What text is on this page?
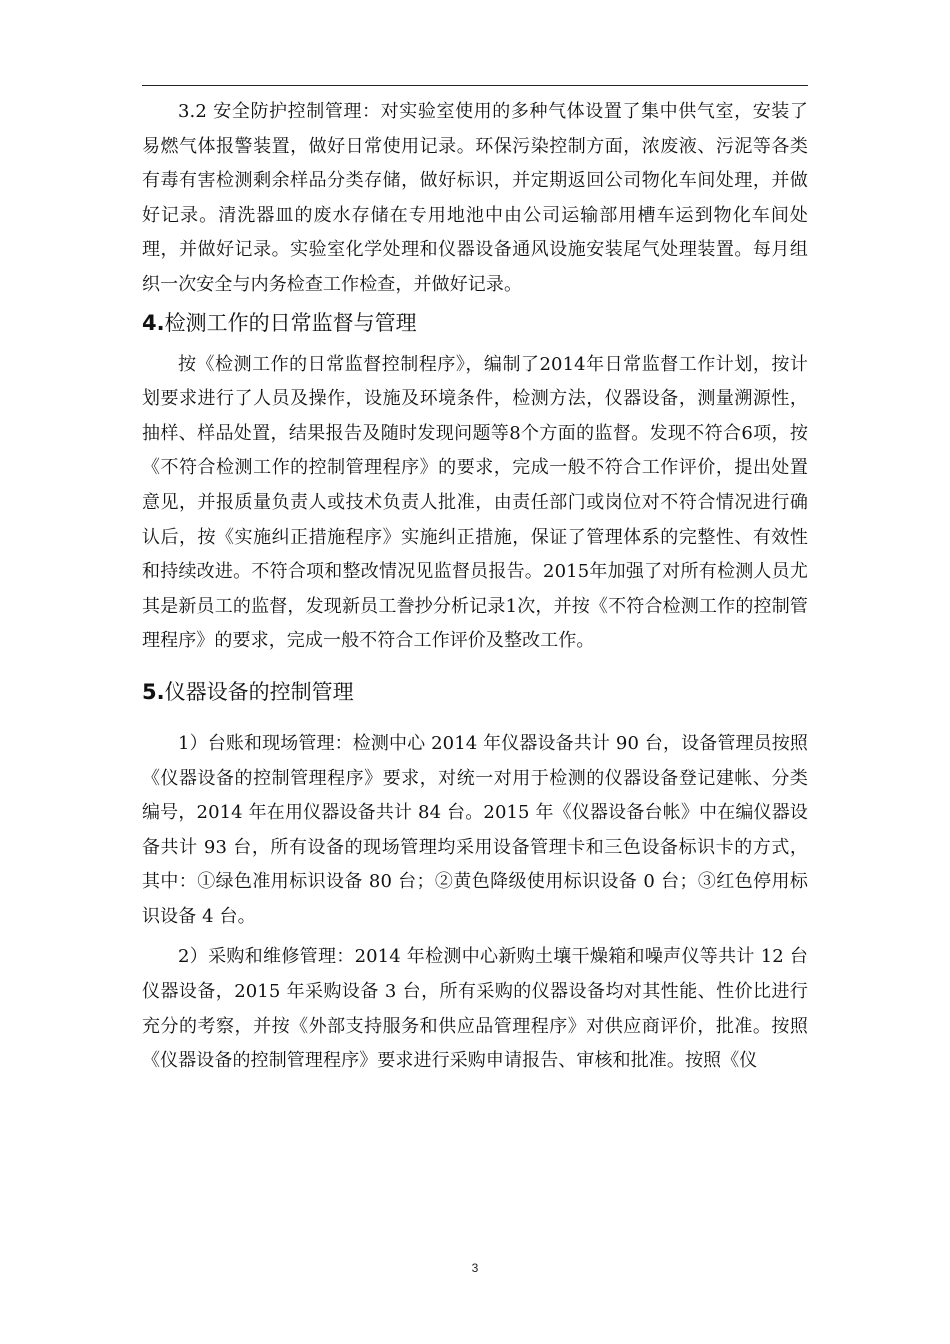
3.2 安全防护控制管理：对实验室使用的多种气体设置了集中供气室，安装了易燃气体报警装置，做好日常使用记录。环保污染控制方面，浓废液、污泥等各类有毒有害检测剩余样品分类存储，做好标识，并定期返回公司物化车间处理，并做好记录。清洗器皿的废水存储在专用地池中由公司运输部用槽车运到物化车间处理，并做好记录。实验室化学处理和仪器设备通风设施安装尾气处理装置。每月组织一次安全与内务检查工作检查，并做好记录。

4.检测工作的日常监督与管理

按《检测工作的日常监督控制程序》，编制了2014年日常监督工作计划，按计划要求进行了人员及操作，设施及环境条件，检测方法，仪器设备，测量溯源性，抽样、样品处置，结果报告及随时发现问题等8个方面的监督。发现不符合6项，按《不符合检测工作的控制管理程序》的要求，完成一般不符合工作评价，提出处置意见，并报质量负责人或技术负责人批准，由责任部门或岗位对不符合情况进行确认后，按《实施纠正措施程序》实施纠正措施，保证了管理体系的完整性、有效性和持续改进。不符合项和整改情况见监督员报告。2015年加强了对所有检测人员尤其是新员工的监督，发现新员工誊抄分析记录1次，并按《不符合检测工作的控制管理程序》的要求，完成一般不符合工作评价及整改工作。

5.仪器设备的控制管理

1）台账和现场管理：检测中心 2014 年仪器设备共计 90 台，设备管理员按照《仪器设备的控制管理程序》要求，对统一对用于检测的仪器设备登记建帐、分类编号，2014 年在用仪器设备共计 84 台。2015 年《仪器设备台帐》中在编仪器设备共计 93 台，所有设备的现场管理均采用设备管理卡和三色设备标识卡的方式，其中：①绿色准用标识设备 80 台；②黄色降级使用标识设备 0 台；③红色停用标识设备 4 台。

2）采购和维修管理：2014 年检测中心新购土壤干燥箱和噪声仪等共计 12 台仪器设备，2015 年采购设备 3 台，所有采购的仪器设备均对其性能、性价比进行充分的考察，并按《外部支持服务和供应品管理程序》对供应商评价，批准。按照《仪器设备的控制管理程序》要求进行采购申请报告、审核和批准。按照《仪

3
